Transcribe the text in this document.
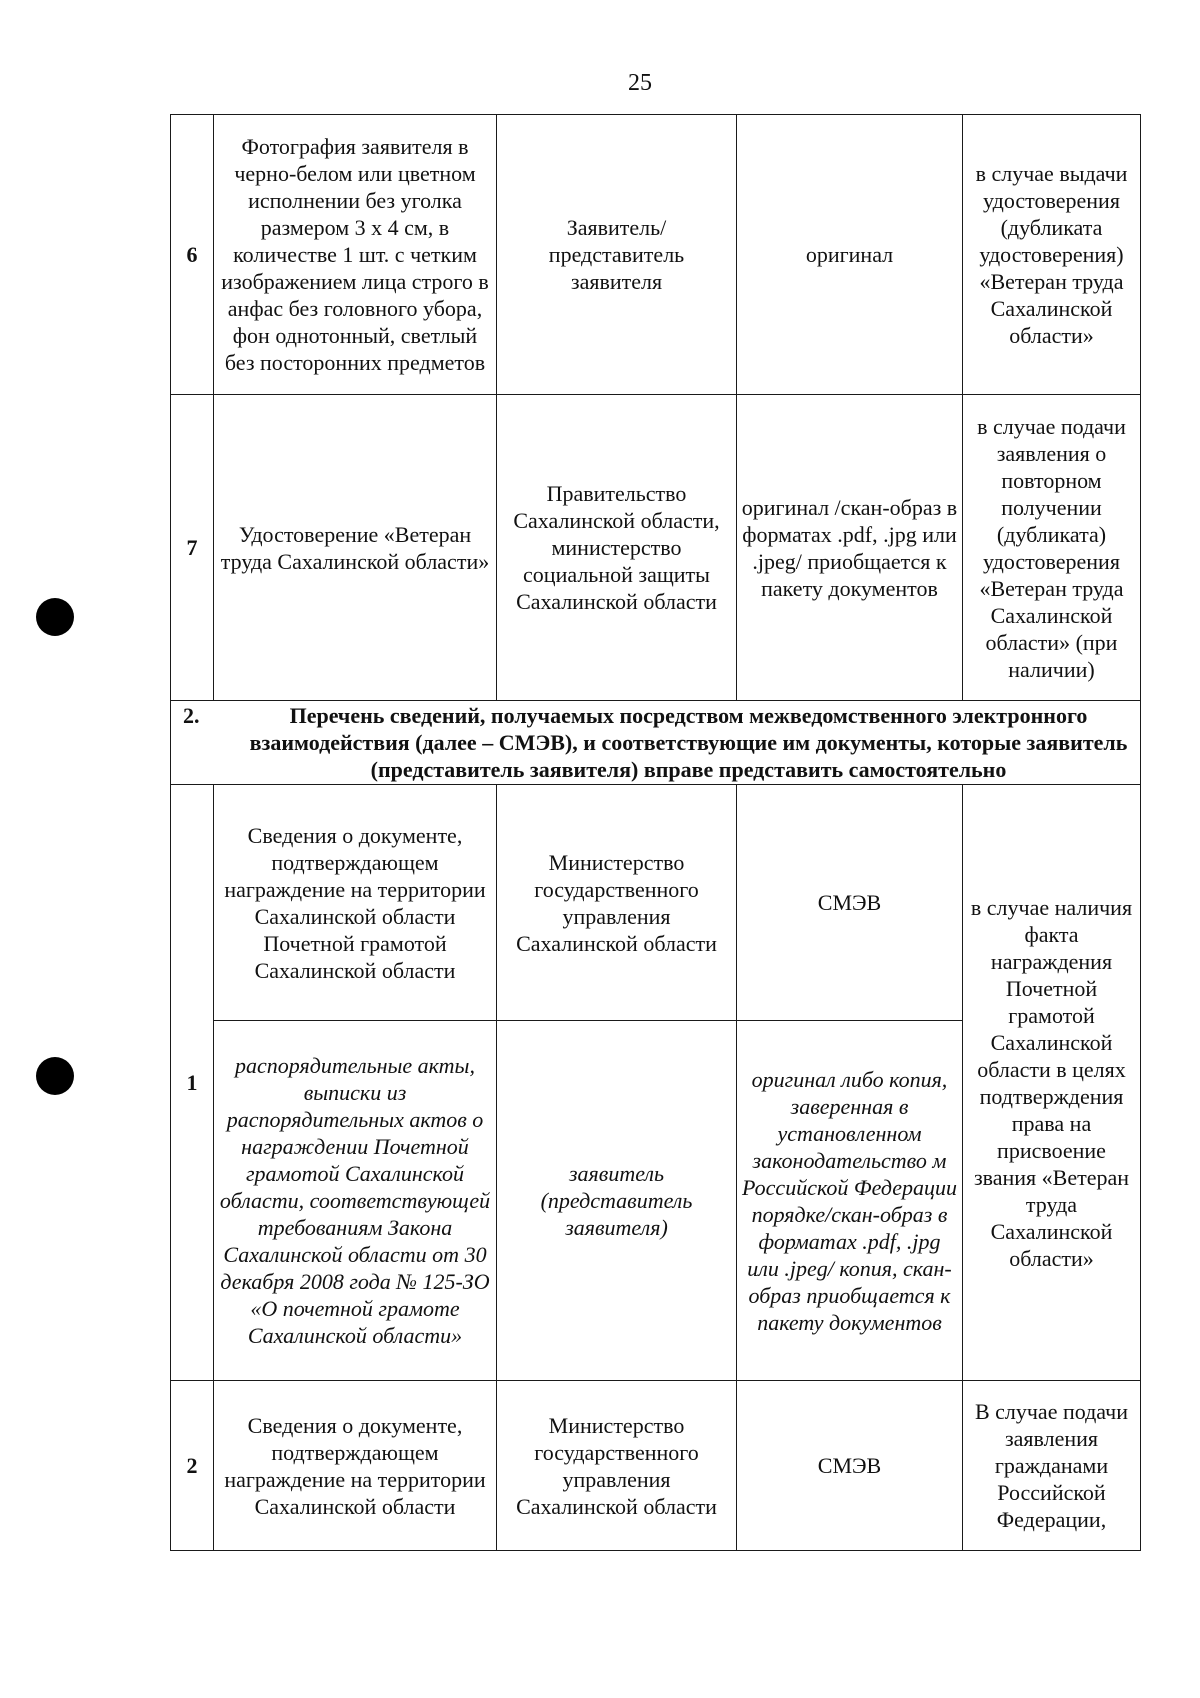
25
6	Фотография заявителя в черно-белом или цветном исполнении без уголка размером 3 х 4 см, в количестве 1 шт. с четким изображением лица строго в анфас без головного убора, фон однотонный, светлый без посторонних предметов	Заявитель/ представитель заявителя	оригинал	в случае выдачи удостоверения (дубликата удостоверения) «Ветеран труда Сахалинской области»
7	Удостоверение «Ветеран труда Сахалинской области»	Правительство Сахалинской области, министерство социальной защиты Сахалинской области	оригинал /скан-образ в форматах .pdf, .jpg или .jpeg/ приобщается к пакету документов	в случае подачи заявления о повторном получении (дубликата) удостоверения «Ветеран труда Сахалинской области» (при наличии)

2. Перечень сведений, получаемых посредством межведомственного электронного взаимодействия (далее – СМЭВ), и соответствующие им документы, которые заявитель (представитель заявителя) вправе представить самостоятельно				

1	Сведения о документе, подтверждающем награждение на территории Сахалинской области Почетной грамотой Сахалинской области	Министерство государственного управления Сахалинской области	СМЭВ	в случае наличия факта награждения Почетной грамотой Сахалинской области в целях подтверждения права на присвоение звания «Ветеран труда Сахалинской области»
	распорядительные акты, выписки из распорядительных актов о награждении Почетной грамотой Сахалинской области, соответствующей требованиям Закона Сахалинской области от 30 декабря 2008 года № 125-ЗО «О почетной грамоте Сахалинской области»	заявитель (представитель заявителя)	оригинал либо копия, заверенная в установленном законодательство м Российской Федерации порядке/скан-образ в форматах .pdf, .jpg или .jpeg/ копия, скан-образ приобщается к пакету документов	
2	Сведения о документе, подтверждающем награждение на территории Сахалинской области	Министерство государственного управления Сахалинской области	СМЭВ	В случае подачи заявления гражданами Российской Федерации,
